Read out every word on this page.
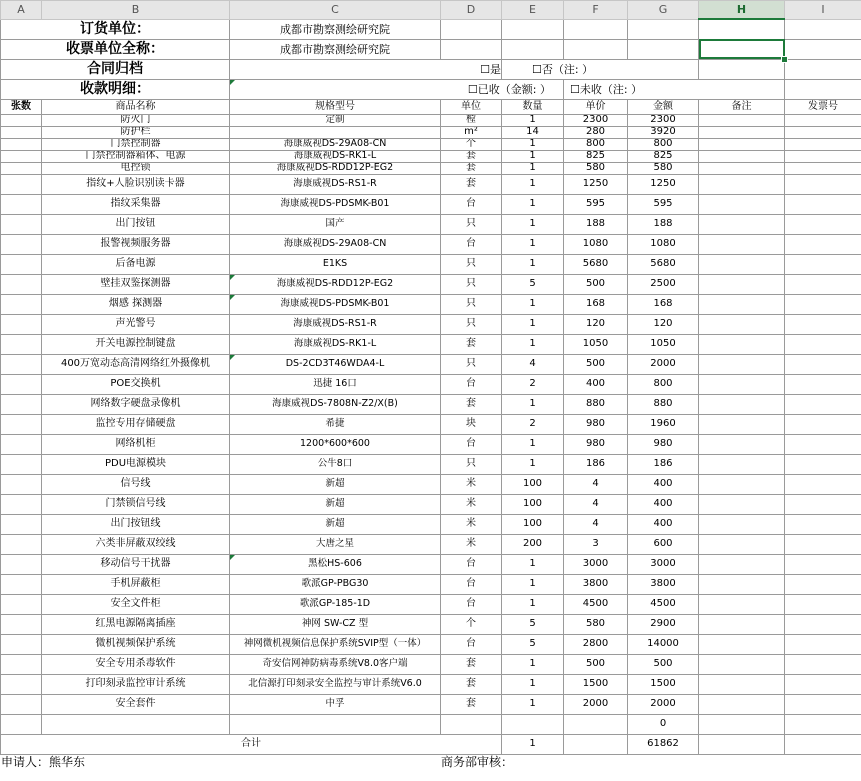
A	B	C	D	E	F	G	H	I
订货单位：		成都市勘察测绘研究院						
收票单位全称：		成都市勘察测绘研究院						
合同归档		☐是		☐否（注: ）				
收款明细：		☐已收（金额: ）			☐未收（注: ）			
张数	商品名称	规格型号	单位	数量	单价	金额	备注	发票号
	防火门	定制	樘	1	2300	2300		
	防护栏		m²	14	280	3920		
	门禁控制器	海康威视DS-29A08-CN	个	1	800	800		
	门禁控制器箱体、电源	海康威视DS-RK1-L	套	1	825	825		
	电控锁	海康威视DS-RDD12P-EG2	套	1	580	580		
	指纹+人脸识别读卡器	海康威视DS-RS1-R	套	1	1250	1250		
	指纹采集器	海康威视DS-PDSMK-B01	台	1	595	595		
	出门按钮	国产	只	1	188	188		
	报警视频服务器	海康威视DS-29A08-CN	台	1	1080	1080		
	后备电源	E1KS	只	1	5680	5680		
	壁挂双鉴探测器	海康威视DS-RDD12P-EG2	只	5	500	2500		
	烟感 探测器	海康威视DS-PDSMK-B01	只	1	168	168		
	声光警号	海康威视DS-RS1-R	只	1	120	120		
	开关电源控制键盘	海康威视DS-RK1-L	套	1	1050	1050		
	400万宽动态高清网络红外摄像机	DS-2CD3T46WDA4-L	只	4	500	2000		
	POE交换机	迅捷 16口	台	2	400	800		
	网络数字硬盘录像机	海康威视DS-7808N-Z2/X(B)	套	1	880	880		
	监控专用存储硬盘	希捷	块	2	980	1960		
	网络机柜	1200*600*600	台	1	980	980		
	PDU电源模块	公牛8口	只	1	186	186		
	信号线	新超	米	100	4	400		
	门禁锁信号线	新超	米	100	4	400		
	出门按钮线	新超	米	100	4	400		
	六类非屏蔽双绞线	大唐之星	米	200	3	600		
	移动信号干扰器	黑松HS-606	台	1	3000	3000		
	手机屏蔽柜	歌派GP-PBG30	台	1	3800	3800		
	安全文件柜	歌派GP-185-1D	台	1	4500	4500		
	红黑电源隔离插座	神网 SW-CZ 型	个	5	580	2900		
	微机视频保护系统	神网微机视频信息保护系统SVIP型（一体）	台	5	2800	14000		
	安全专用杀毒软件	奇安信网神防病毒系统V8.0客户端	套	1	500	500		
	打印刻录监控审计系统	北信源打印刻录安全监控与审计系统V6.0	套	1	1500	1500		
	安全套件	中孚	套	1	2000	2000		
						0		
合计				1		61862		
申请人：熊华东			商务部审核：					
